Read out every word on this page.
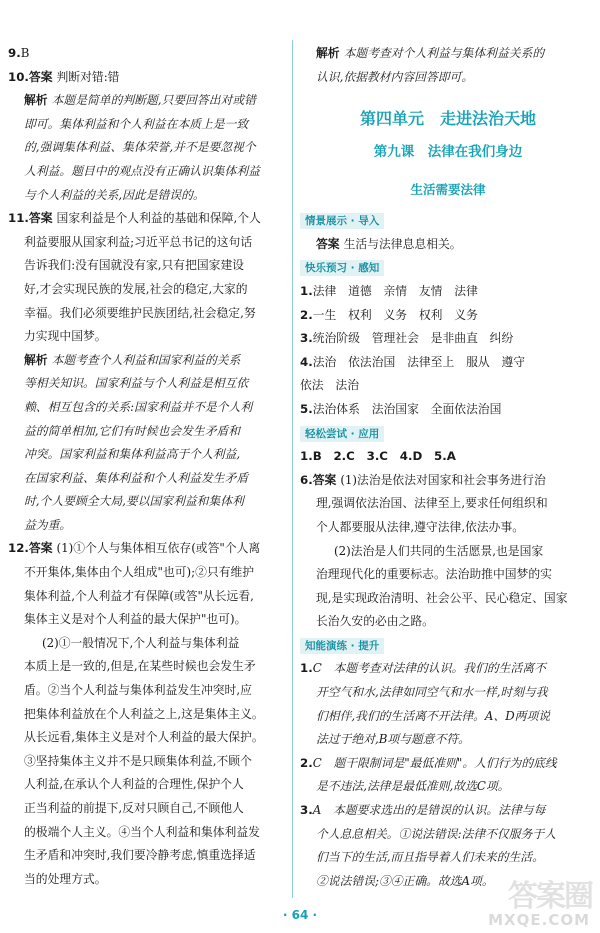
9.B
10.答案 判断对错:错
解析 本题是简单的判断题,只要回答出对或错
即可。集体利益和个人利益在本质上是一致
的,强调集体利益、集体荣誉,并不是要忽视个
人利益。题目中的观点没有正确认识集体利益
与个人利益的关系,因此是错误的。
11.答案 国家利益是个人利益的基础和保障,个人
利益要服从国家利益;习近平总书记的这句话
告诉我们:没有国就没有家,只有把国家建设
好,才会实现民族的发展,社会的稳定,大家的
幸福。我们必须要维护民族团结,社会稳定,努
力实现中国梦。
解析 本题考查个人利益和国家利益的关系
等相关知识。国家利益与个人利益是相互依
赖、相互包含的关系:国家利益并不是个人利
益的简单相加,它们有时候也会发生矛盾和
冲突。国家利益和集体利益高于个人利益,
在国家利益、集体利益和个人利益发生矛盾
时,个人要顾全大局,要以国家利益和集体利
益为重。
12.答案 (1)①个人与集体相互依存(或答"个人离
不开集体,集体由个人组成"也可);②只有维护
集体利益,个人利益才有保障(或答"从长远看,
集体主义是对个人利益的最大保护"也可)。
(2)①一般情况下,个人利益与集体利益
本质上是一致的,但是,在某些时候也会发生矛
盾。②当个人利益与集体利益发生冲突时,应
把集体利益放在个人利益之上,这是集体主义。
从长远看,集体主义是对个人利益的最大保护。
③坚持集体主义并不是只顾集体利益,不顾个
人利益,在承认个人利益的合理性,保护个人
正当利益的前提下,反对只顾自己,不顾他人
的极端个人主义。④当个人利益和集体利益发
生矛盾和冲突时,我们要冷静考虑,慎重选择适
当的处理方式。
解析 本题考查对个人利益与集体利益关系的
认识,依据教材内容回答即可。
第四单元　走进法治天地
第九课　法律在我们身边
生活需要法律
情景展示 · 导入
答案 生活与法律息息相关。
快乐预习 · 感知
1.法律　道德　亲情　友情　法律
2.一生　权利　义务　权利　义务
3.统治阶级　管理社会　是非曲直　纠纷
4.法治　依法治国　法律至上　服从　遵守
依法　法治
5.法治体系　法治国家　全面依法治国
轻松尝试 · 应用
1.B　2.C　3.C　4.D　5.A
6.答案 (1)法治是依法对国家和社会事务进行治
理,强调依法治国、法律至上,要求任何组织和
个人都要服从法律,遵守法律,依法办事。
(2)法治是人们共同的生活愿景,也是国家
治理现代化的重要标志。法治助推中国梦的实
现,是实现政治清明、社会公平、民心稳定、国家
长治久安的必由之路。
知能演练 · 提升
1.C　本题考查对法律的认识。我们的生活离不
开空气和水,法律如同空气和水一样,时刻与我
们相伴,我们的生活离不开法律。A、D两项说
法过于绝对,B项与题意不符。
2.C　题干限制词是"最低准则"。人们行为的底线
是不违法,法律是最低准则,故选C项。
3.A　本题要求选出的是错误的认识。法律与每
个人息息相关。①说法错误:法律不仅服务于人
们当下的生活,而且指导着人们未来的生活。
②说法错误;③④正确。故选A项。
· 64 ·
答案圈
MXQE.COM
